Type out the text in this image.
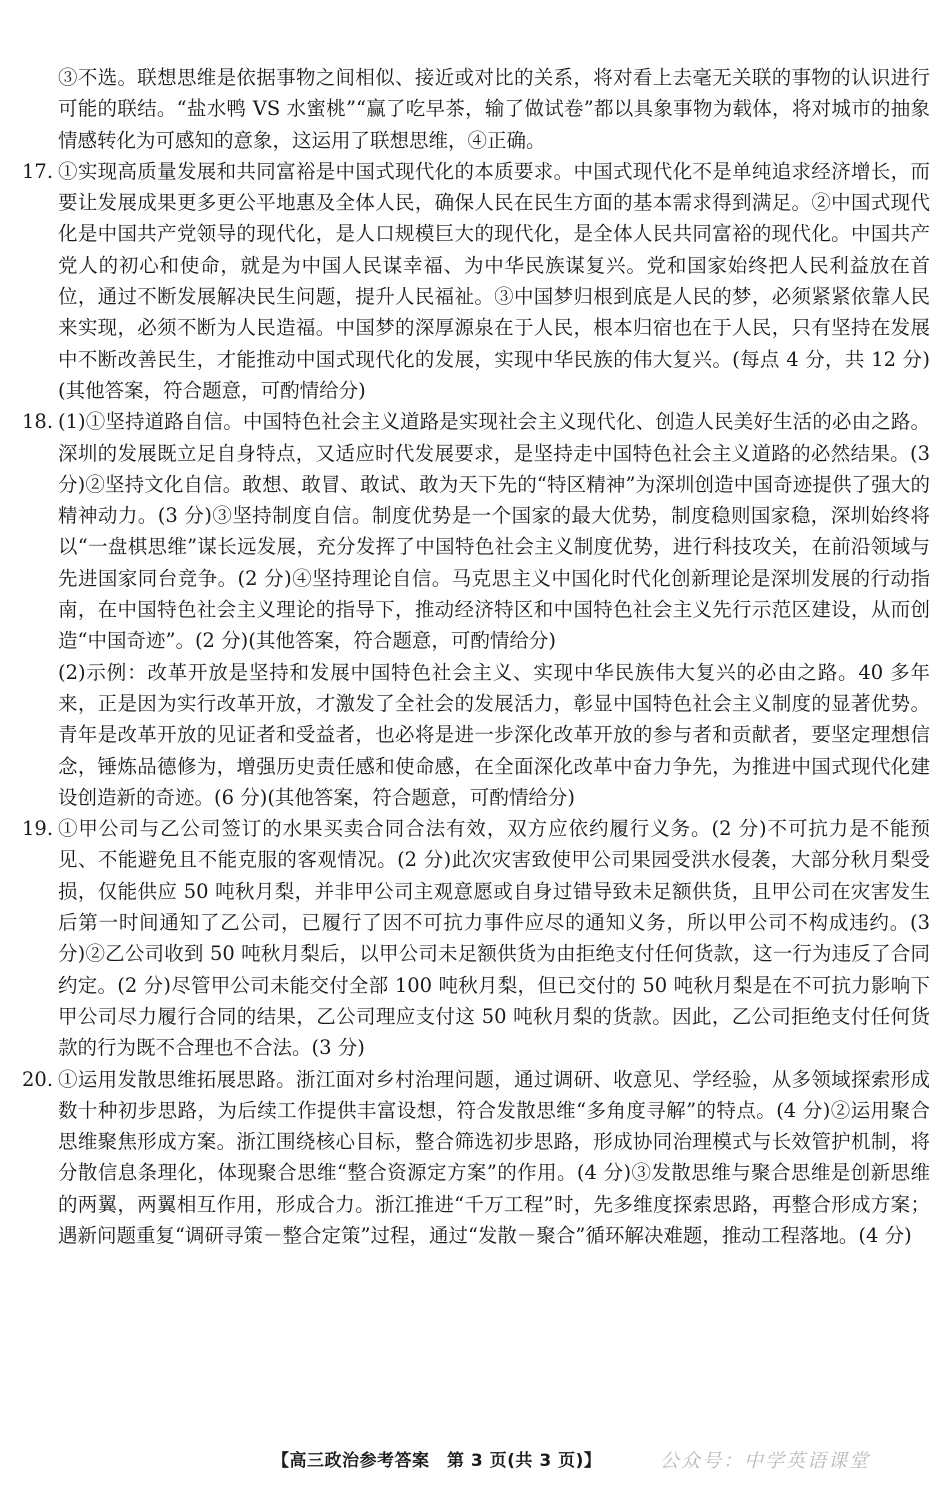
③不选。联想思维是依据事物之间相似、接近或对比的关系，将对看上去毫无关联的事物的认识进行可能的联结。“盐水鸭 VS 水蜜桃”“赢了吃早茶，输了做试卷”都以具象事物为载体，将对城市的抽象情感转化为可感知的意象，这运用了联想思维，④正确。

17. ①实现高质量发展和共同富裕是中国式现代化的本质要求。中国式现代化不是单纯追求经济增长，而要让发展成果更多更公平地惠及全体人民，确保人民在民生方面的基本需求得到满足。②中国式现代化是中国共产党领导的现代化，是人口规模巨大的现代化，是全体人民共同富裕的现代化。中国共产党人的初心和使命，就是为中国人民谋幸福、为中华民族谋复兴。党和国家始终把人民利益放在首位，通过不断发展解决民生问题，提升人民福祉。③中国梦归根到底是人民的梦，必须紧紧依靠人民来实现，必须不断为人民造福。中国梦的深厚源泉在于人民，根本归宿也在于人民，只有坚持在发展中不断改善民生，才能推动中国式现代化的发展，实现中华民族的伟大复兴。(每点 4 分，共 12 分)(其他答案，符合题意，可酌情给分)
18. (1)①坚持道路自信。中国特色社会主义道路是实现社会主义现代化、创造人民美好生活的必由之路。深圳的发展既立足自身特点，又适应时代发展要求，是坚持走中国特色社会主义道路的必然结果。(3 分)②坚持文化自信。敢想、敢冒、敢试、敢为天下先的“特区精神”为深圳创造中国奇迹提供了强大的精神动力。(3 分)③坚持制度自信。制度优势是一个国家的最大优势，制度稳则国家稳，深圳始终将以“一盘棋思维”谋长远发展，充分发挥了中国特色社会主义制度优势，进行科技攻关，在前沿领域与先进国家同台竞争。(2 分)④坚持理论自信。马克思主义中国化时代化创新理论是深圳发展的行动指南，在中国特色社会主义理论的指导下，推动经济特区和中国特色社会主义先行示范区建设，从而创造“中国奇迹”。(2 分)(其他答案，符合题意，可酌情给分)

(2)示例：改革开放是坚持和发展中国特色社会主义、实现中华民族伟大复兴的必由之路。40 多年来，正是因为实行改革开放，才激发了全社会的发展活力，彰显中国特色社会主义制度的显著优势。青年是改革开放的见证者和受益者，也必将是进一步深化改革开放的参与者和贡献者，要坚定理想信念，锤炼品德修为，增强历史责任感和使命感，在全面深化改革中奋力争先，为推进中国式现代化建设创造新的奇迹。(6 分)(其他答案，符合题意，可酌情给分)

19. ①甲公司与乙公司签订的水果买卖合同合法有效，双方应依约履行义务。(2 分)不可抗力是不能预见、不能避免且不能克服的客观情况。(2 分)此次灾害致使甲公司果园受洪水侵袭，大部分秋月梨受损，仅能供应 50 吨秋月梨，并非甲公司主观意愿或自身过错导致未足额供货，且甲公司在灾害发生后第一时间通知了乙公司，已履行了因不可抗力事件应尽的通知义务，所以甲公司不构成违约。(3 分)②乙公司收到 50 吨秋月梨后，以甲公司未足额供货为由拒绝支付任何货款，这一行为违反了合同约定。(2 分)尽管甲公司未能交付全部 100 吨秋月梨，但已交付的 50 吨秋月梨是在不可抗力影响下甲公司尽力履行合同的结果，乙公司理应支付这 50 吨秋月梨的货款。因此，乙公司拒绝支付任何货款的行为既不合理也不合法。(3 分)
20. ①运用发散思维拓展思路。浙江面对乡村治理问题，通过调研、收意见、学经验，从多领域探索形成数十种初步思路，为后续工作提供丰富设想，符合发散思维“多角度寻解”的特点。(4 分)②运用聚合思维聚焦形成方案。浙江围绕核心目标，整合筛选初步思路，形成协同治理模式与长效管护机制，将分散信息条理化，体现聚合思维“整合资源定方案”的作用。(4 分)③发散思维与聚合思维是创新思维的两翼，两翼相互作用，形成合力。浙江推进“千万工程”时，先多维度探索思路，再整合形成方案；遇新问题重复“调研寻策－整合定策”过程，通过“发散－聚合”循环解决难题，推动工程落地。(4 分)
【高三政治参考答案　第 3 页(共 3 页)】	公众号：中学英语课堂
